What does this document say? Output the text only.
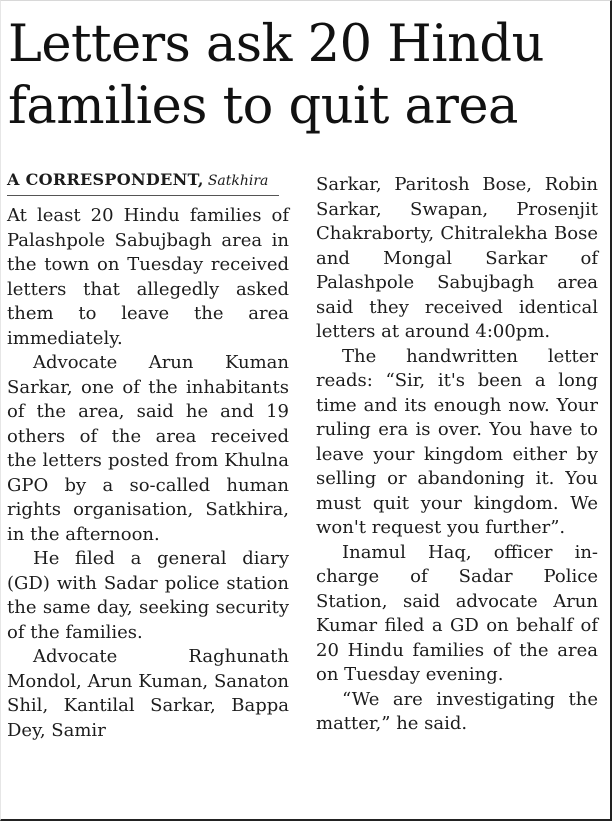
Letters ask 20 Hindu
families to quit area
A CORRESPONDENT, Satkhira

At least 20 Hindu families of Palashpole Sabujbagh area in the town on Tuesday received letters that allegedly asked them to leave the area immediately.

Advocate Arun Kuman Sarkar, one of the inhabitants of the area, said he and 19 others of the area received the letters posted from Khulna GPO by a so-called human rights organisation, Satkhira, in the afternoon.

He filed a general diary (GD) with Sadar police station the same day, seeking security of the families.

Advocate Raghunath Mondol, Arun Kuman, Sanaton Shil, Kantilal Sarkar, Bappa Dey, Samir

Sarkar, Paritosh Bose, Robin Sarkar, Swapan, Prosenjit Chakraborty, Chitralekha Bose and Mongal Sarkar of Palashpole Sabujbagh area said they received identical letters at around 4:00pm.

The handwritten letter reads: “Sir, it's been a long time and its enough now. Your ruling era is over. You have to leave your kingdom either by selling or abandoning it. You must quit your kingdom. We won't request you further”.

Inamul Haq, officer in-charge of Sadar Police Station, said advocate Arun Kumar filed a GD on behalf of 20 Hindu families of the area on Tuesday evening.

“We are investigating the matter,” he said.
